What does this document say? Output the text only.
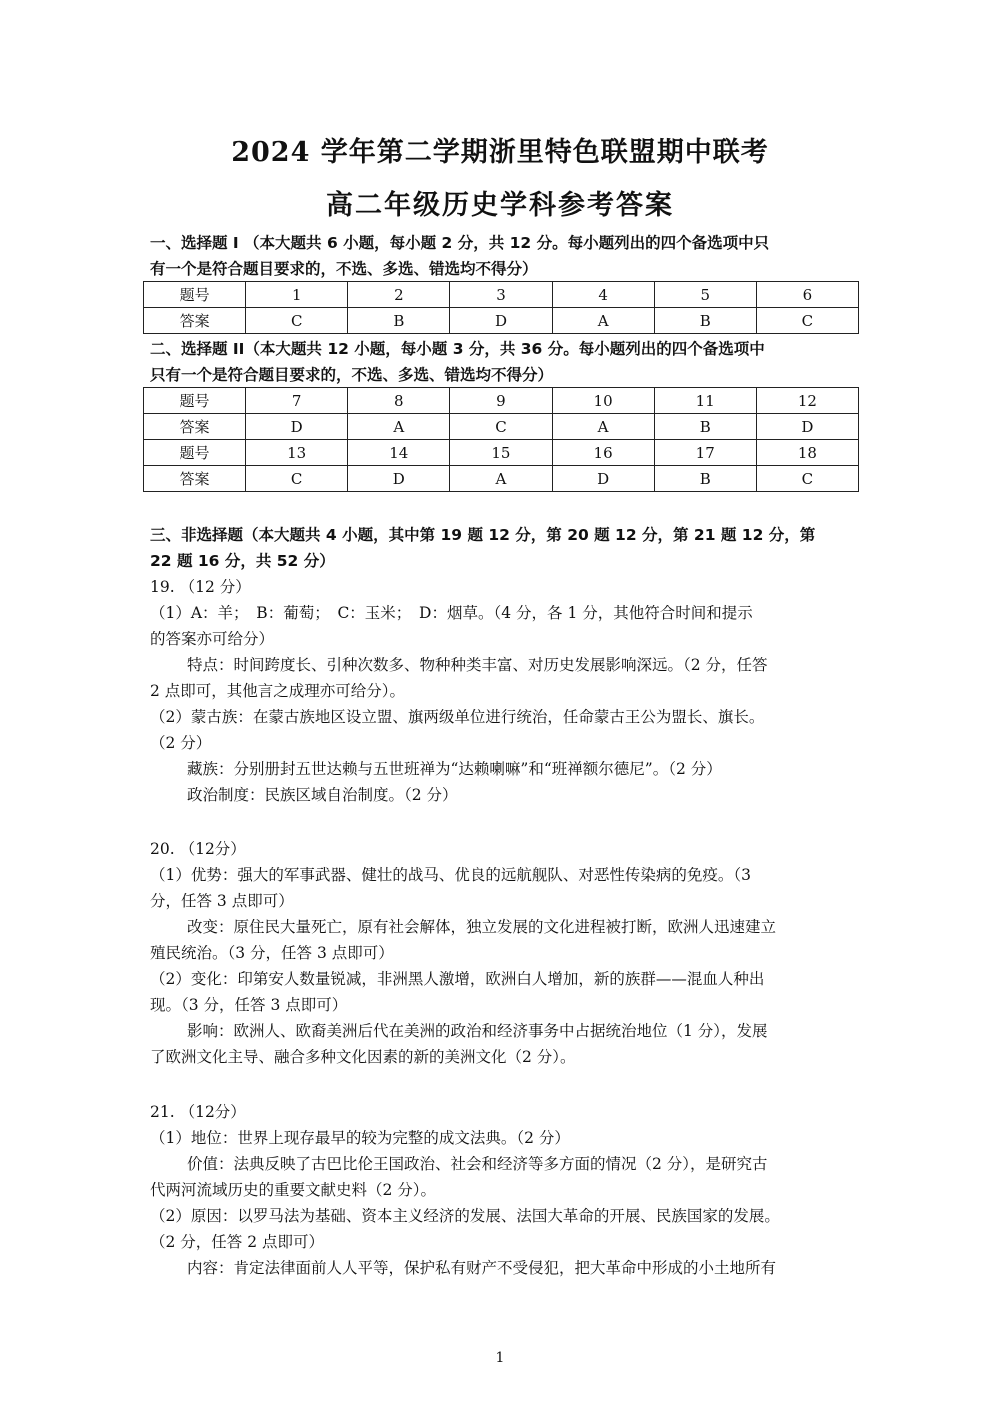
2024 学年第二学期浙里特色联盟期中联考
高二年级历史学科参考答案
一、选择题 I （本大题共 6 小题，每小题 2 分，共 12 分。每小题列出的四个备选项中只
有一个是符合题目要求的，不选、多选、错选均不得分）
题号	1	2	3	4	5	6
答案	C	B	D	A	B	C
二、选择题 II（本大题共 12 小题，每小题 3 分，共 36 分。每小题列出的四个备选项中
只有一个是符合题目要求的，不选、多选、错选均不得分）
题号	7	8	9	10	11	12
答案	D	A	C	A	B	D
题号	13	14	15	16	17	18
答案	C	D	A	D	B	C
三、非选择题（本大题共 4 小题，其中第 19 题 12 分，第 20 题 12 分，第 21 题 12 分，第
22 题 16 分，共 52 分）
19. （12 分）
（1）A：羊；　B：葡萄；　C：玉米；　D：烟草。（4 分，各 1 分，其他符合时间和提示
的答案亦可给分）
特点：时间跨度长、引种次数多、物种种类丰富、对历史发展影响深远。（2 分，任答
2 点即可，其他言之成理亦可给分）。
（2）蒙古族：在蒙古族地区设立盟、旗两级单位进行统治，任命蒙古王公为盟长、旗长。
（2 分）
藏族：分别册封五世达赖与五世班禅为“达赖喇嘛”和“班禅额尔德尼”。（2 分）
政治制度：民族区域自治制度。（2 分）
20. （12分）
（1）优势：强大的军事武器、健壮的战马、优良的远航舰队、对恶性传染病的免疫。（3
分，任答 3 点即可）
改变：原住民大量死亡，原有社会解体，独立发展的文化进程被打断，欧洲人迅速建立
殖民统治。（3 分，任答 3 点即可）
（2）变化：印第安人数量锐减，非洲黑人激增，欧洲白人增加，新的族群——混血人种出
现。（3 分，任答 3 点即可）
影响：欧洲人、欧裔美洲后代在美洲的政治和经济事务中占据统治地位（1 分），发展
了欧洲文化主导、融合多种文化因素的新的美洲文化（2 分）。
21. （12分）
（1）地位：世界上现存最早的较为完整的成文法典。（2 分）
价值：法典反映了古巴比伦王国政治、社会和经济等多方面的情况（2 分），是研究古
代两河流域历史的重要文献史料（2 分）。
（2）原因：以罗马法为基础、资本主义经济的发展、法国大革命的开展、民族国家的发展。
（2 分，任答 2 点即可）
内容：肯定法律面前人人平等，保护私有财产不受侵犯，把大革命中形成的小土地所有
1
